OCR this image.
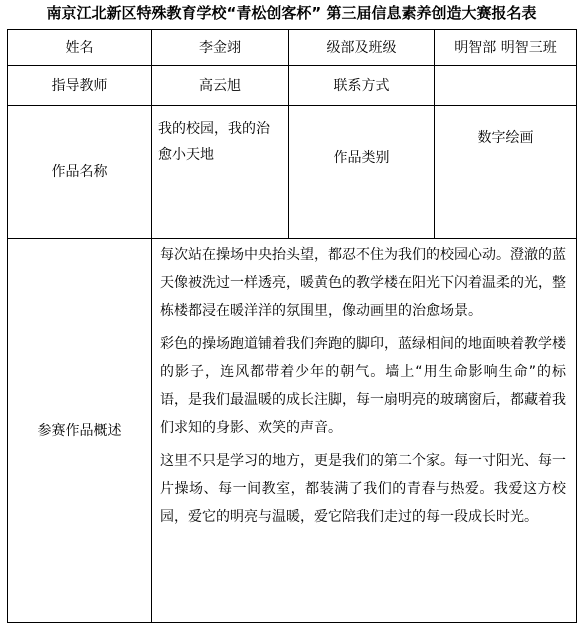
南京江北新区特殊教育学校“青松创客杯” 第三届信息素养创造大赛报名表
姓名	李金翊	级部及班级	明智部 明智三班
指导教师	高云旭	联系方式	
作品名称	我的校园，我的治愈小天地	作品类别	数字绘画
参赛作品概述	每次站在操场中央抬头望，都忍不住为我们的校园心动。澄澈的蓝天像被洗过一样透亮，暖黄色的教学楼在阳光下闪着温柔的光，整栋楼都浸在暖洋洋的氛围里，像动画里的治愈场景。

彩色的操场跑道铺着我们奔跑的脚印，蓝绿相间的地面映着教学楼的影子，连风都带着少年的朝气。墙上“用生命影响生命”的标语，是我们最温暖的成长注脚，每一扇明亮的玻璃窗后，都藏着我们求知的身影、欢笑的声音。

这里不只是学习的地方，更是我们的第二个家。每一寸阳光、每一片操场、每一间教室，都装满了我们的青春与热爱。我爱这方校园，爱它的明亮与温暖，爱它陪我们走过的每一段成长时光。		
